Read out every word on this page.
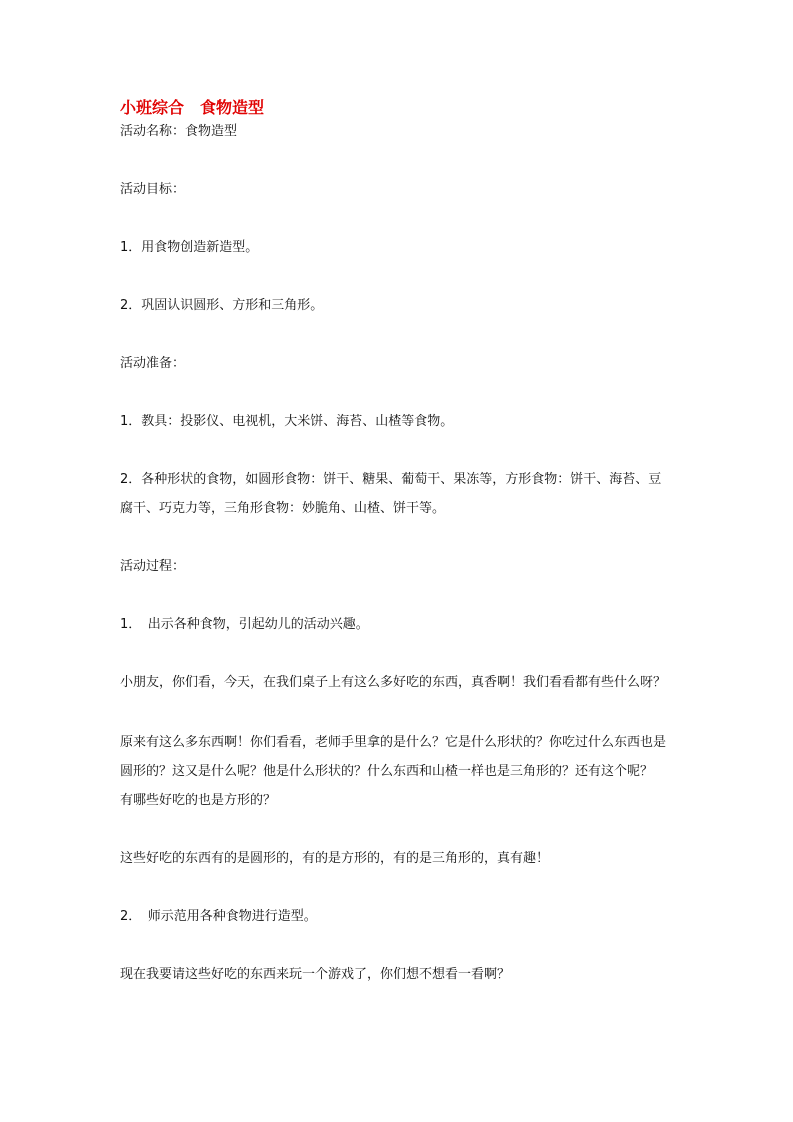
小班综合　食物造型
活动名称：食物造型
活动目标：
1．用食物创造新造型。
2．巩固认识圆形、方形和三角形。
活动准备：
1．教具：投影仪、电视机，大米饼、海苔、山楂等食物。
2．各种形状的食物，如圆形食物：饼干、糖果、葡萄干、果冻等，方形食物：饼干、海苔、豆
腐干、巧克力等，三角形食物：妙脆角、山楂、饼干等。
活动过程：
1．　出示各种食物，引起幼儿的活动兴趣。
小朋友，你们看，今天，在我们桌子上有这么多好吃的东西，真香啊！我们看看都有些什么呀？
原来有这么多东西啊！你们看看，老师手里拿的是什么？它是什么形状的？你吃过什么东西也是
圆形的？这又是什么呢？他是什么形状的？什么东西和山楂一样也是三角形的？还有这个呢？
有哪些好吃的也是方形的？
这些好吃的东西有的是圆形的，有的是方形的，有的是三角形的，真有趣！
2．　师示范用各种食物进行造型。
现在我要请这些好吃的东西来玩一个游戏了，你们想不想看一看啊？
